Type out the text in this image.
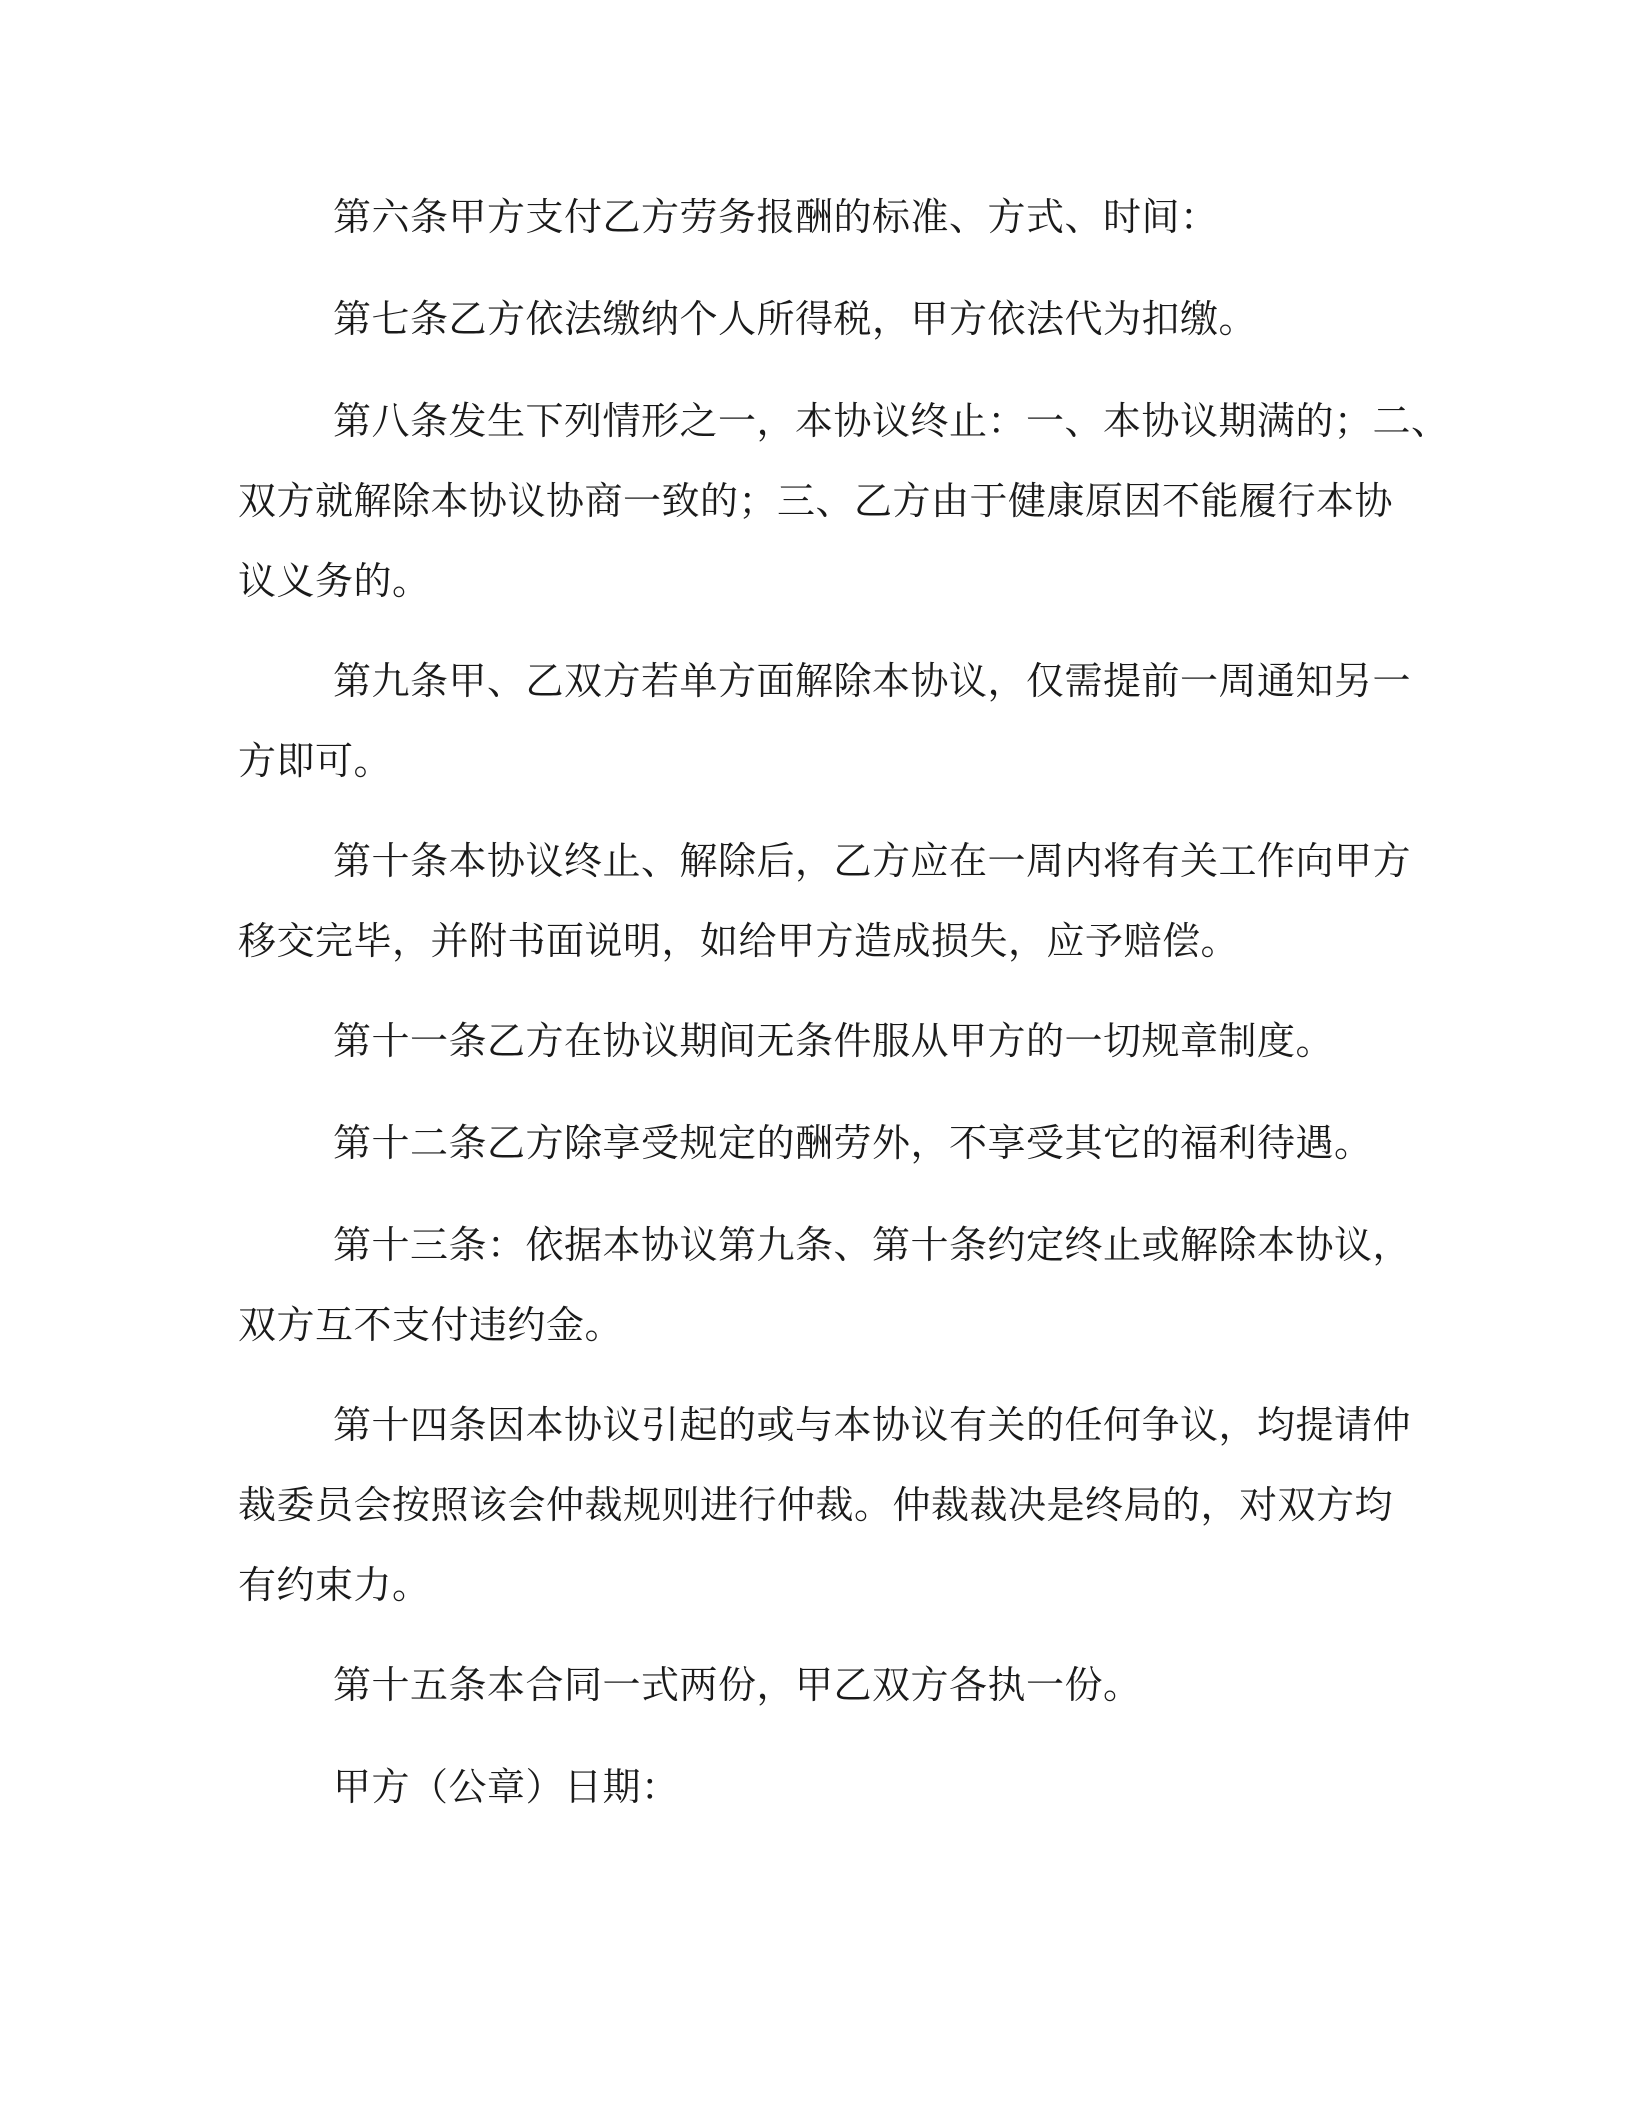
第六条甲方支付乙方劳务报酬的标准、方式、时间：

第七条乙方依法缴纳个人所得税，甲方依法代为扣缴。

第八条发生下列情形之一，本协议终止：一、本协议期满的；二、
双方就解除本协议协商一致的；三、乙方由于健康原因不能履行本协
议义务的。

第九条甲、乙双方若单方面解除本协议，仅需提前一周通知另一
方即可。

第十条本协议终止、解除后，乙方应在一周内将有关工作向甲方
移交完毕，并附书面说明，如给甲方造成损失，应予赔偿。

第十一条乙方在协议期间无条件服从甲方的一切规章制度。

第十二条乙方除享受规定的酬劳外，不享受其它的福利待遇。

第十三条：依据本协议第九条、第十条约定终止或解除本协议，
双方互不支付违约金。

第十四条因本协议引起的或与本协议有关的任何争议，均提请仲
裁委员会按照该会仲裁规则进行仲裁。仲裁裁决是终局的，对双方均
有约束力。

第十五条本合同一式两份，甲乙双方各执一份。

甲方（公章）日期：
